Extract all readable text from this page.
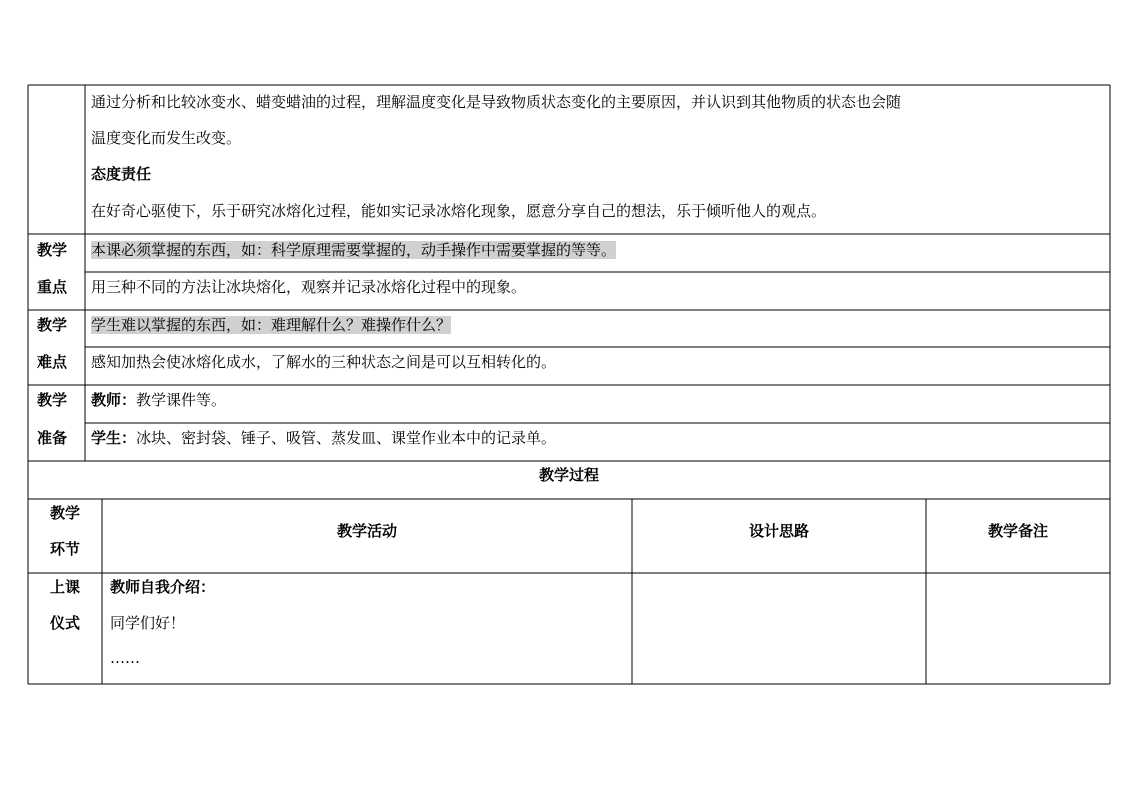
通过分析和比较冰变水、蜡变蜡油的过程，理解温度变化是导致物质状态变化的主要原因，并认识到其他物质的状态也会随
温度变化而发生改变。
态度责任
在好奇心驱使下，乐于研究冰熔化过程，能如实记录冰熔化现象，愿意分享自己的想法，乐于倾听他人的观点。
教学
重点
本课必须掌握的东西，如：科学原理需要掌握的，动手操作中需要掌握的等等。
用三种不同的方法让冰块熔化，观察并记录冰熔化过程中的现象。
教学
难点
学生难以掌握的东西，如：难理解什么？难操作什么？
感知加热会使冰熔化成水，了解水的三种状态之间是可以互相转化的。
教学
准备
教师：教学课件等。
学生：冰块、密封袋、锤子、吸管、蒸发皿、课堂作业本中的记录单。
教学过程
教学
环节
教学活动	设计思路	教学备注
上课
仪式
教师自我介绍：
同学们好！
……
